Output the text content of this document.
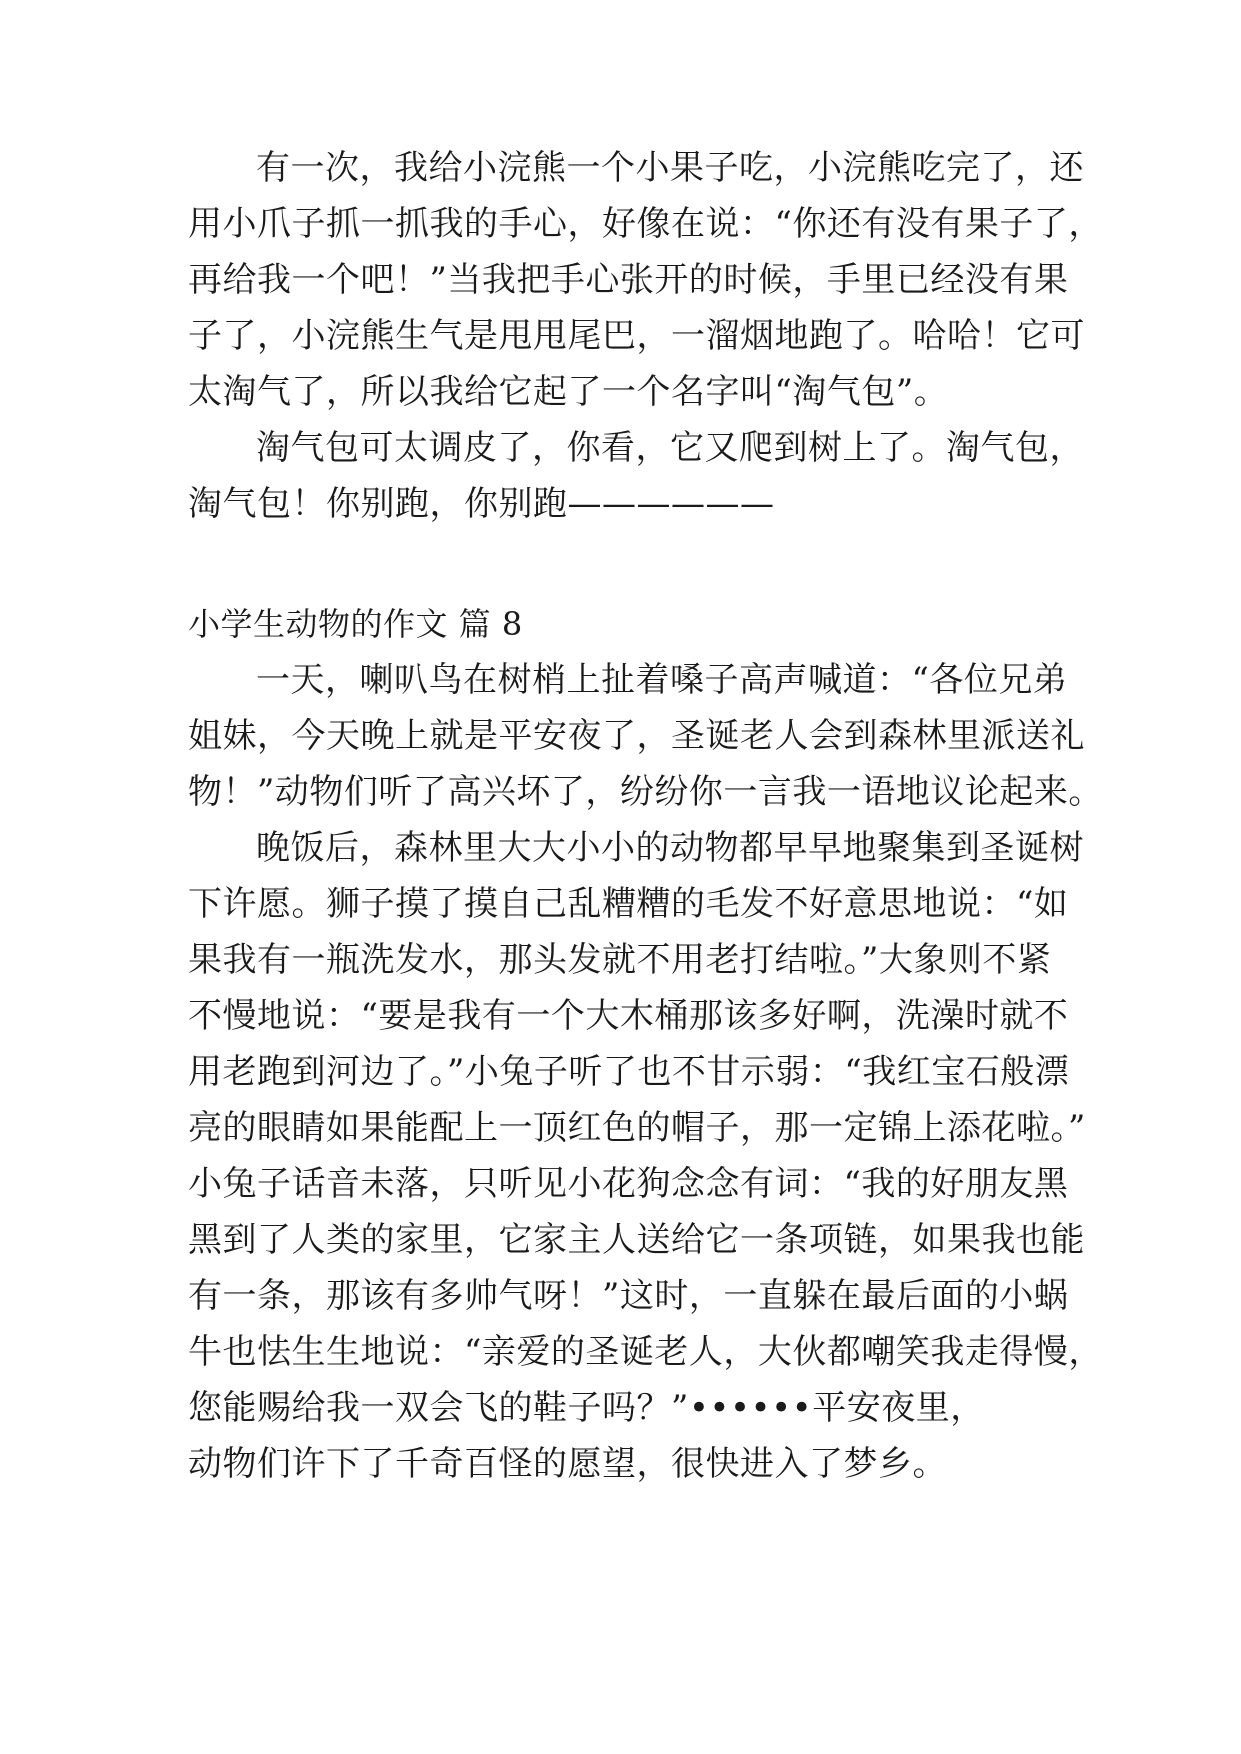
有一次，我给小浣熊一个小果子吃，小浣熊吃完了，还
用小爪子抓一抓我的手心，好像在说：“你还有没有果子了，
再给我一个吧！”当我把手心张开的时候，手里已经没有果
子了，小浣熊生气是甩甩尾巴，一溜烟地跑了。哈哈！它可
太淘气了，所以我给它起了一个名字叫“淘气包”。
淘气包可太调皮了，你看，它又爬到树上了。淘气包，
淘气包！你别跑，你别跑——————
小学生动物的作文 篇 8
一天，喇叭鸟在树梢上扯着嗓子高声喊道：“各位兄弟
姐妹，今天晚上就是平安夜了，圣诞老人会到森林里派送礼
物！”动物们听了高兴坏了，纷纷你一言我一语地议论起来。
晚饭后，森林里大大小小的动物都早早地聚集到圣诞树
下许愿。狮子摸了摸自己乱糟糟的毛发不好意思地说：“如
果我有一瓶洗发水，那头发就不用老打结啦。”大象则不紧
不慢地说：“要是我有一个大木桶那该多好啊，洗澡时就不
用老跑到河边了。”小兔子听了也不甘示弱：“我红宝石般漂
亮的眼睛如果能配上一顶红色的帽子，那一定锦上添花啦。”
小兔子话音未落，只听见小花狗念念有词：“我的好朋友黑
黑到了人类的家里，它家主人送给它一条项链，如果我也能
有一条，那该有多帅气呀！”这时，一直躲在最后面的小蜗
牛也怯生生地说：“亲爱的圣诞老人，大伙都嘲笑我走得慢，
您能赐给我一双会飞的鞋子吗？”••••••平安夜里，
动物们许下了千奇百怪的愿望，很快进入了梦乡。
